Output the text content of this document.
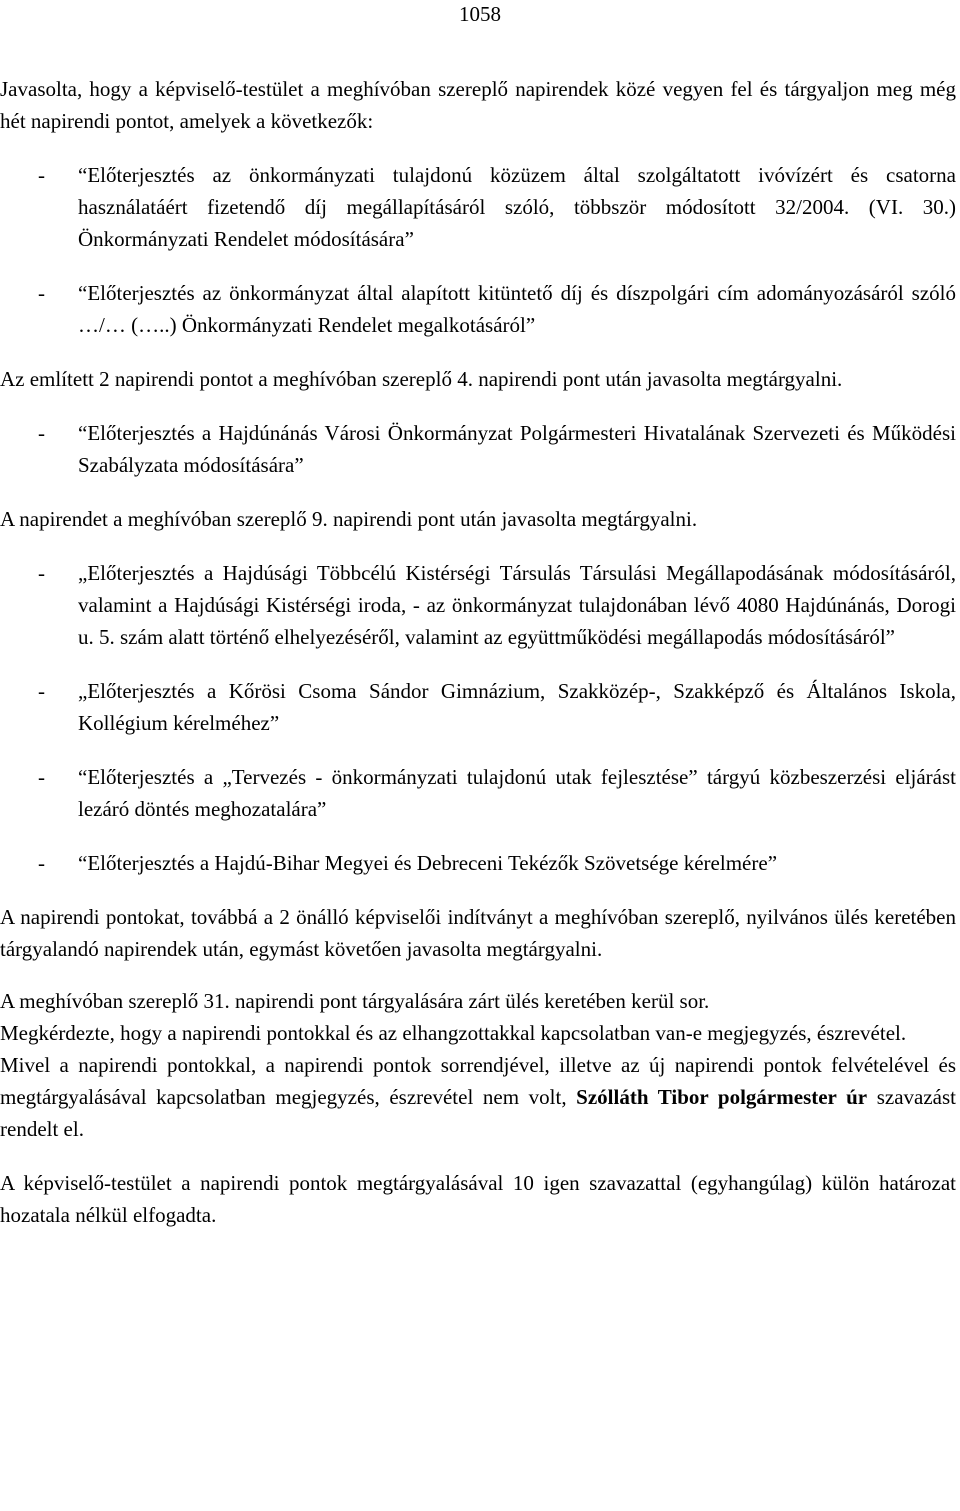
1058

Javasolta, hogy a képviselő-testület a meghívóban szereplő napirendek közé vegyen fel és tárgyaljon meg még hét napirendi pontot, amelyek a következők:

-	“Előterjesztés az önkormányzati tulajdonú közüzem által szolgáltatott ivóvízért és csatorna használatáért fizetendő díj megállapításáról szóló, többször módosított 32/2004. (VI. 30.) Önkormányzati Rendelet módosítására”
-	“Előterjesztés az önkormányzat által alapított kitüntető díj és díszpolgári cím adományozásáról szóló …/… (…..) Önkormányzati Rendelet megalkotásáról”

Az említett 2 napirendi pontot a meghívóban szereplő 4. napirendi pont után javasolta megtárgyalni.

-	“Előterjesztés a Hajdúnánás Városi Önkormányzat Polgármesteri Hivatalának Szervezeti és Működési Szabályzata módosítására”

A napirendet a meghívóban szereplő 9. napirendi pont után javasolta megtárgyalni.

-	„Előterjesztés a Hajdúsági Többcélú Kistérségi Társulás Társulási Megállapodásának módosításáról, valamint a Hajdúsági Kistérségi iroda, - az önkormányzat tulajdonában lévő 4080 Hajdúnánás, Dorogi u. 5. szám alatt történő elhelyezéséről, valamint az együttműködési megállapodás módosításáról”
-	„Előterjesztés a Kőrösi Csoma Sándor Gimnázium, Szakközép-, Szakképző és Általános Iskola, Kollégium kérelméhez”
-	“Előterjesztés a „Tervezés - önkormányzati tulajdonú utak fejlesztése” tárgyú közbeszerzési eljárást lezáró döntés meghozatalára”
-	“Előterjesztés a Hajdú-Bihar Megyei és Debreceni Tekézők Szövetsége kérelmére”

A napirendi pontokat, továbbá a 2 önálló képviselői indítványt a meghívóban szereplő, nyilvános ülés keretében tárgyalandó napirendek után, egymást követően javasolta megtárgyalni.

A meghívóban szereplő 31. napirendi pont tárgyalására zárt ülés keretében kerül sor.

Megkérdezte, hogy a napirendi pontokkal és az elhangzottakkal kapcsolatban van-e megjegyzés, észrevétel.

Mivel a napirendi pontokkal, a napirendi pontok sorrendjével, illetve az új napirendi pontok felvételével és megtárgyalásával kapcsolatban megjegyzés, észrevétel nem volt, Szólláth Tibor polgármester úr szavazást rendelt el.

A képviselő-testület a napirendi pontok megtárgyalásával 10 igen szavazattal (egyhangúlag) külön határozat hozatala nélkül elfogadta.
